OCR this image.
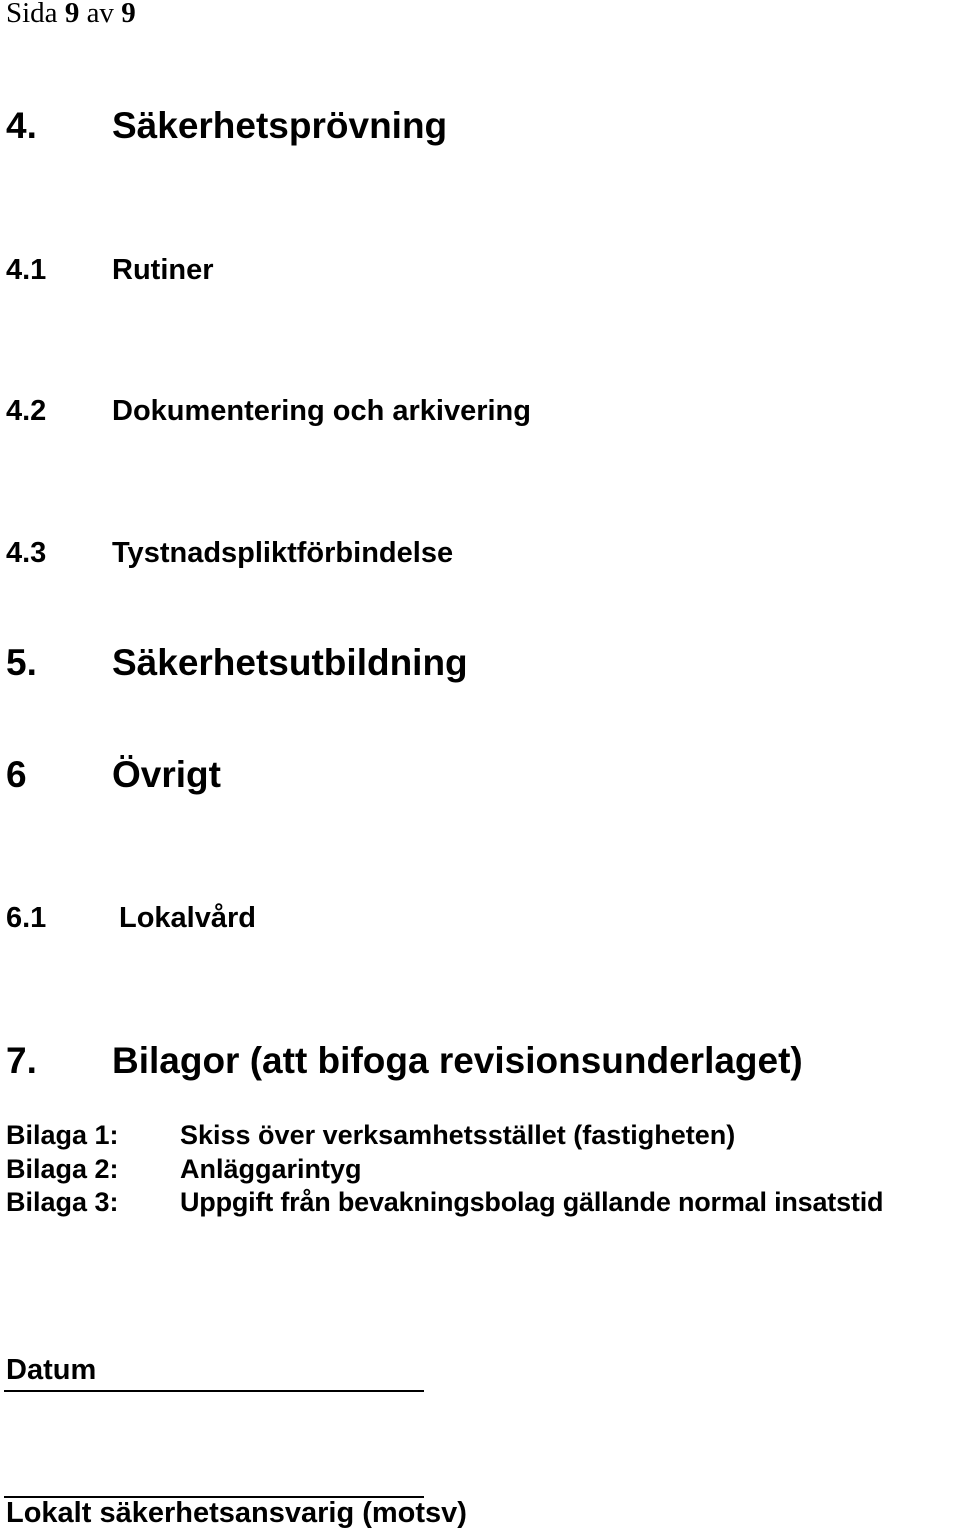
Sida 9 av 9
4. Säkerhetsprövning
4.1 Rutiner
4.2 Dokumentering och arkivering
4.3 Tystnadspliktförbindelse
5. Säkerhetsutbildning
6 Övrigt
6.1	Lokalvård
7. Bilagor (att bifoga revisionsunderlaget)
Bilaga 1: Skiss över verksamhetsstället (fastigheten)
Bilaga 2: Anläggarintyg
Bilaga 3: Uppgift från bevakningsbolag gällande normal insatstid
Datum
Lokalt säkerhetsansvarig (motsv)
